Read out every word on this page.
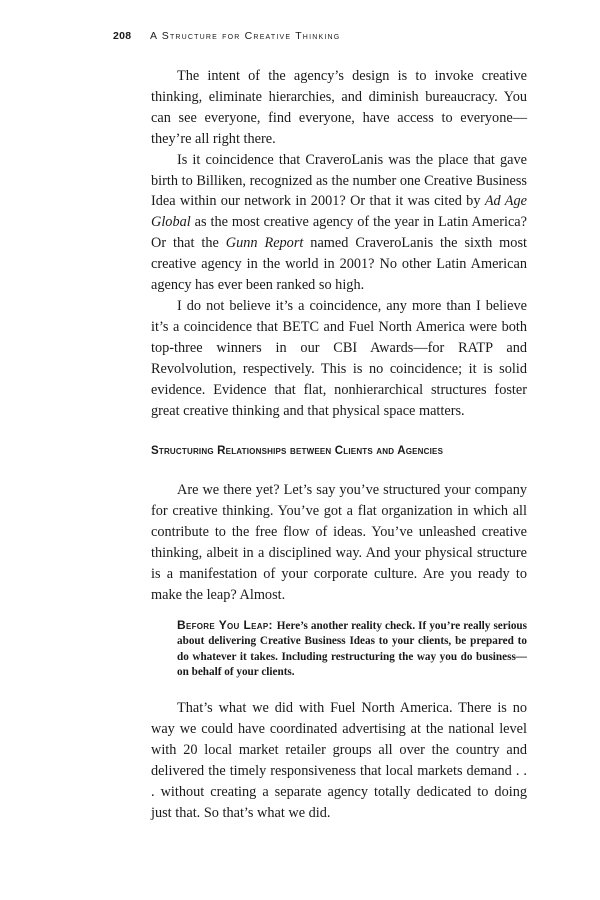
208 A Structure for Creative Thinking

The intent of the agency’s design is to invoke creative thinking, eliminate hierarchies, and diminish bureaucracy. You can see everyone, find everyone, have access to everyone—they’re all right there.

Is it coincidence that CraveroLanis was the place that gave birth to Billiken, recognized as the number one Creative Business Idea within our network in 2001? Or that it was cited by Ad Age Global as the most creative agency of the year in Latin America? Or that the Gunn Report named CraveroLanis the sixth most creative agency in the world in 2001? No other Latin American agency has ever been ranked so high.

I do not believe it’s a coincidence, any more than I believe it’s a coincidence that BETC and Fuel North America were both top-three winners in our CBI Awards—for RATP and Revolvolution, respectively. This is no coincidence; it is solid evidence. Evidence that flat, nonhierarchical structures foster great creative thinking and that physical space matters.

Structuring Relationships between Clients and Agencies

Are we there yet? Let’s say you’ve structured your company for creative thinking. You’ve got a flat organization in which all contribute to the free flow of ideas. You’ve unleashed creative thinking, albeit in a disciplined way. And your physical structure is a manifestation of your corporate culture. Are you ready to make the leap? Almost.

Before You Leap: Here’s another reality check. If you’re really serious about delivering Creative Business Ideas to your clients, be prepared to do whatever it takes. Including restructuring the way you do business—on behalf of your clients.

That’s what we did with Fuel North America. There is no way we could have coordinated advertising at the national level with 20 local market retailer groups all over the country and delivered the timely responsiveness that local markets demand . . . without creating a separate agency totally dedicated to doing just that. So that’s what we did.
